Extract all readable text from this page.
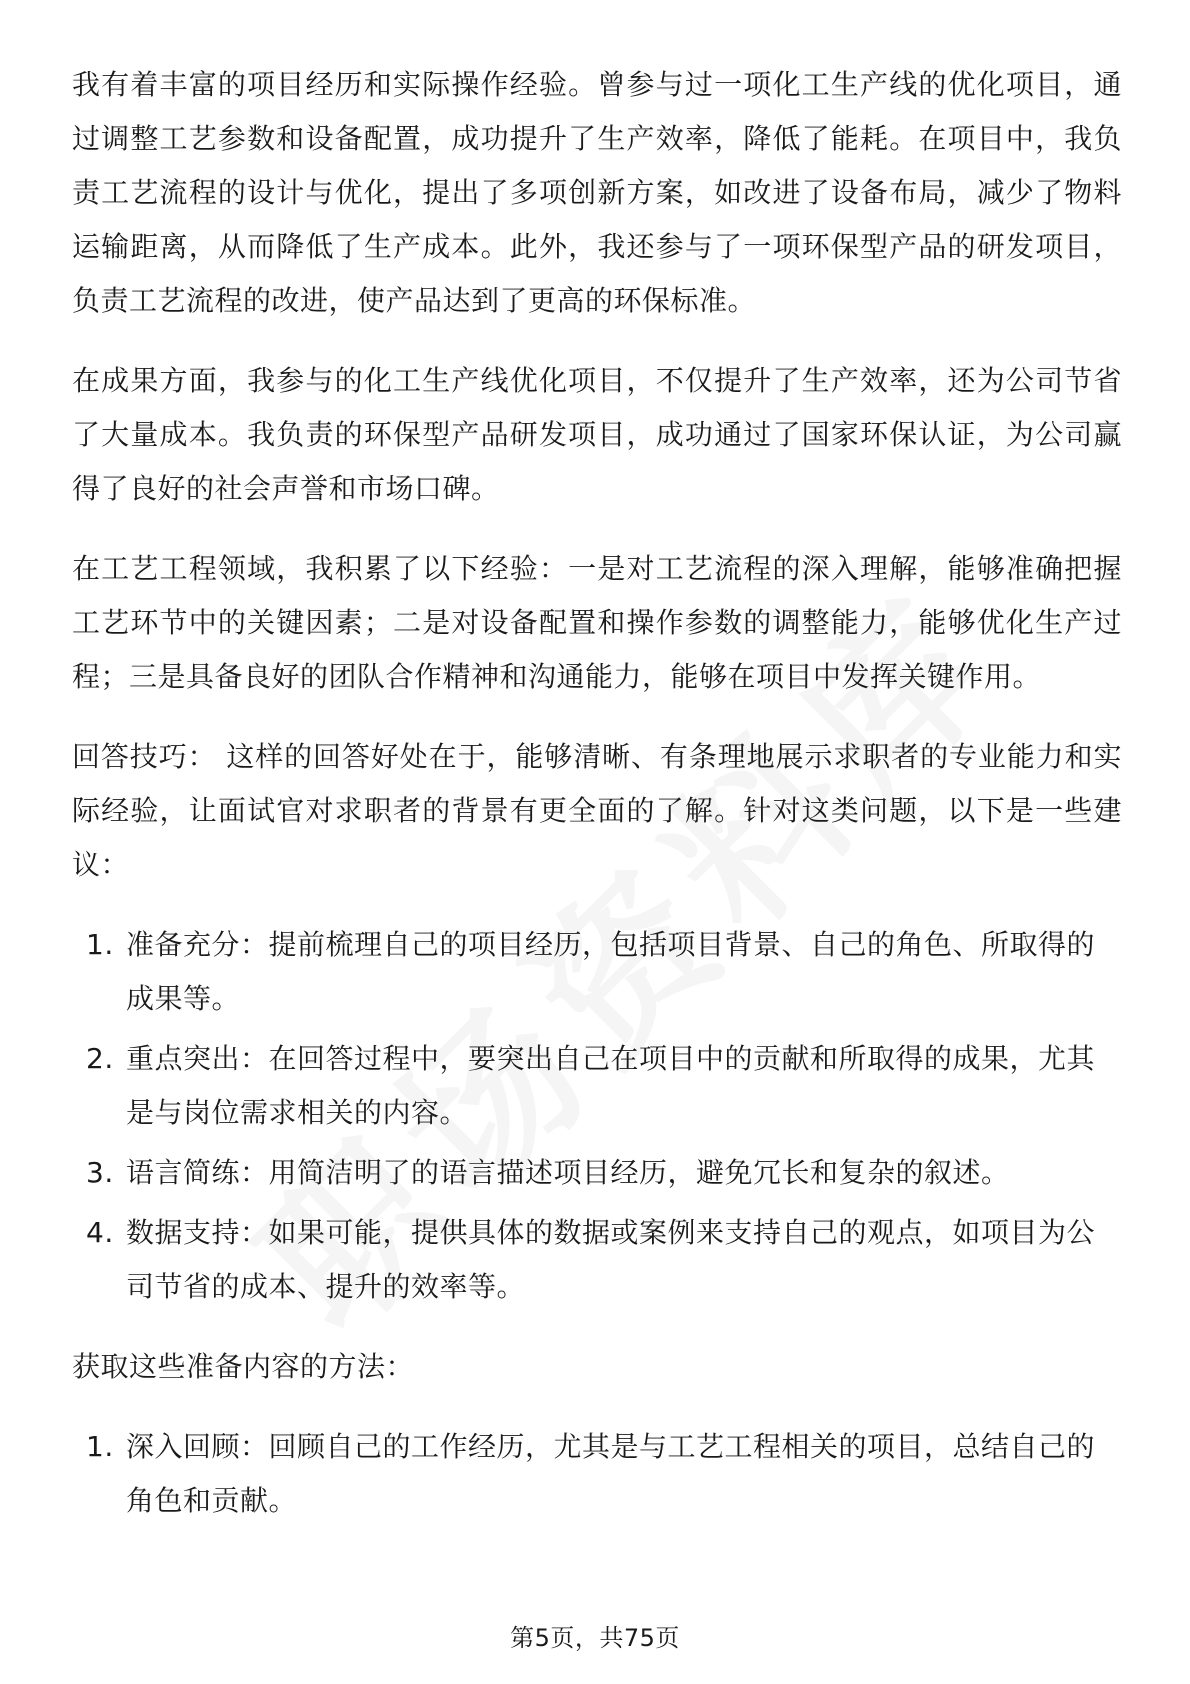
我有着丰富的项目经历和实际操作经验。曾参与过一项化工生产线的优化项目，通过调整工艺参数和设备配置，成功提升了生产效率，降低了能耗。在项目中，我负责工艺流程的设计与优化，提出了多项创新方案，如改进了设备布局，减少了物料运输距离，从而降低了生产成本。此外，我还参与了一项环保型产品的研发项目，负责工艺流程的改进，使产品达到了更高的环保标准。

在成果方面，我参与的化工生产线优化项目，不仅提升了生产效率，还为公司节省了大量成本。我负责的环保型产品研发项目，成功通过了国家环保认证，为公司赢得了良好的社会声誉和市场口碑。

在工艺工程领域，我积累了以下经验：一是对工艺流程的深入理解，能够准确把握工艺环节中的关键因素；二是对设备配置和操作参数的调整能力，能够优化生产过程；三是具备良好的团队合作精神和沟通能力，能够在项目中发挥关键作用。

回答技巧： 这样的回答好处在于，能够清晰、有条理地展示求职者的专业能力和实际经验，让面试官对求职者的背景有更全面的了解。针对这类问题，以下是一些建议：

1. 准备充分：提前梳理自己的项目经历，包括项目背景、自己的角色、所取得的成果等。
2. 重点突出：在回答过程中，要突出自己在项目中的贡献和所取得的成果，尤其是与岗位需求相关的内容。
3. 语言简练：用简洁明了的语言描述项目经历，避免冗长和复杂的叙述。
4. 数据支持：如果可能，提供具体的数据或案例来支持自己的观点，如项目为公司节省的成本、提升的效率等。

获取这些准备内容的方法：

1. 深入回顾：回顾自己的工作经历，尤其是与工艺工程相关的项目，总结自己的角色和贡献。
第5页，共75页
